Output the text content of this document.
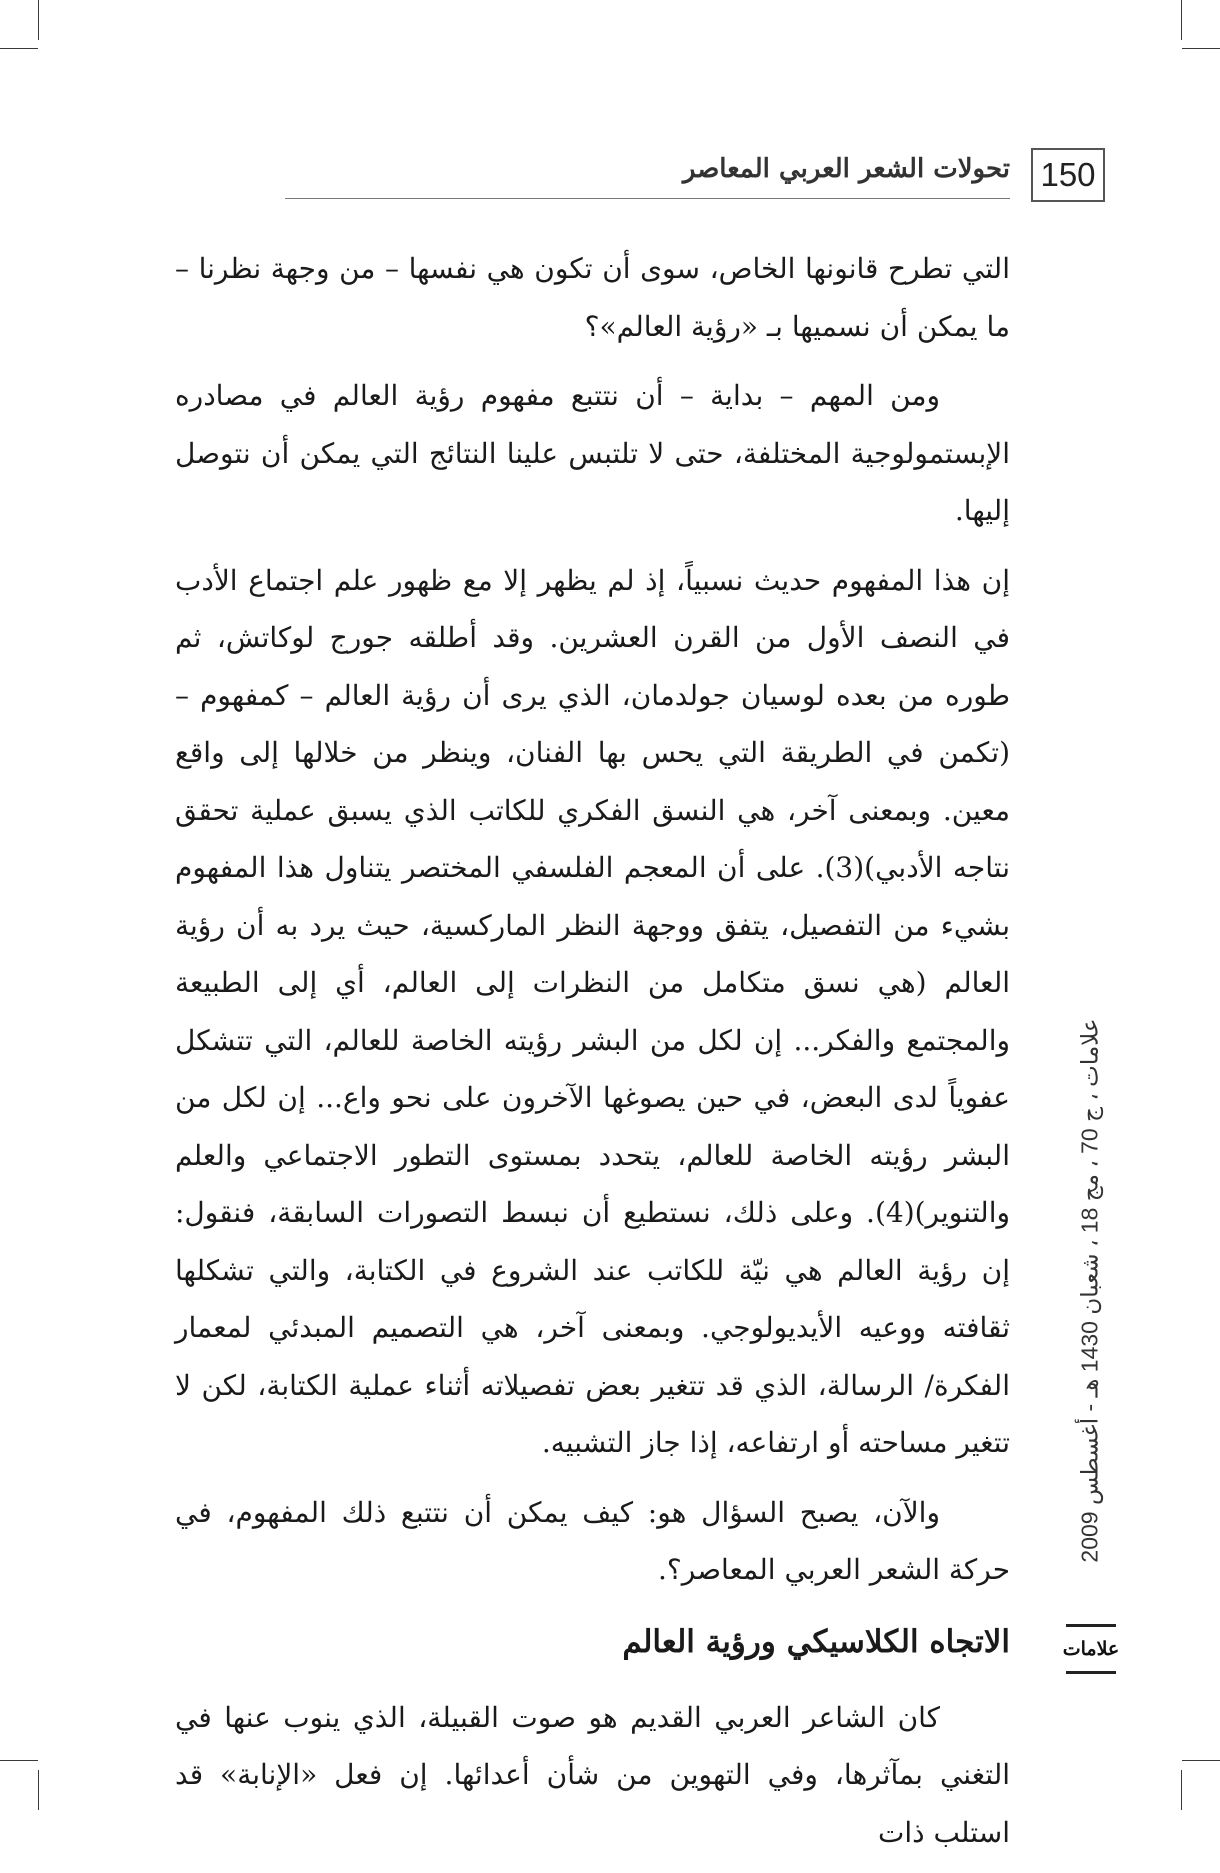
150
تحولات الشعر العربي المعاصر

التي تطرح قانونها الخاص، سوى أن تكون هي نفسها – من وجهة نظرنا – ما يمكن أن نسميها بـ «رؤية العالم»؟

ومن المهم – بداية – أن نتتبع مفهوم رؤية العالم في مصادره الإبستمولوجية المختلفة، حتى لا تلتبس علينا النتائج التي يمكن أن نتوصل إليها.

إن هذا المفهوم حديث نسبياً، إذ لم يظهر إلا مع ظهور علم اجتماع الأدب في النصف الأول من القرن العشرين. وقد أطلقه جورج لوكاتش، ثم طوره من بعده لوسيان جولدمان، الذي يرى أن رؤية العالم – كمفهوم – (تكمن في الطريقة التي يحس بها الفنان، وينظر من خلالها إلى واقع معين. وبمعنى آخر، هي النسق الفكري للكاتب الذي يسبق عملية تحقق نتاجه الأدبي)(3). على أن المعجم الفلسفي المختصر يتناول هذا المفهوم بشيء من التفصيل، يتفق ووجهة النظر الماركسية، حيث يرد به أن رؤية العالم (هي نسق متكامل من النظرات إلى العالم، أي إلى الطبيعة والمجتمع والفكر... إن لكل من البشر رؤيته الخاصة للعالم، التي تتشكل عفوياً لدى البعض، في حين يصوغها الآخرون على نحو واع... إن لكل من البشر رؤيته الخاصة للعالم، يتحدد بمستوى التطور الاجتماعي والعلم والتنوير)(4). وعلى ذلك، نستطيع أن نبسط التصورات السابقة، فنقول: إن رؤية العالم هي نيّة للكاتب عند الشروع في الكتابة، والتي تشكلها ثقافته ووعيه الأيديولوجي. وبمعنى آخر، هي التصميم المبدئي لمعمار الفكرة/ الرسالة، الذي قد تتغير بعض تفصيلاته أثناء عملية الكتابة، لكن لا تتغير مساحته أو ارتفاعه، إذا جاز التشبيه.

والآن، يصبح السؤال هو: كيف يمكن أن نتتبع ذلك المفهوم، في حركة الشعر العربي المعاصر؟.

الاتجاه الكلاسيكي ورؤية العالم

كان الشاعر العربي القديم هو صوت القبيلة، الذي ينوب عنها في التغني بمآثرها، وفي التهوين من شأن أعدائها. إن فعل «الإنابة» قد استلب ذات

علامات ، ج 70 ، مج 18 ، شعبان 1430 هـ - أغسطس 2009
علامات
